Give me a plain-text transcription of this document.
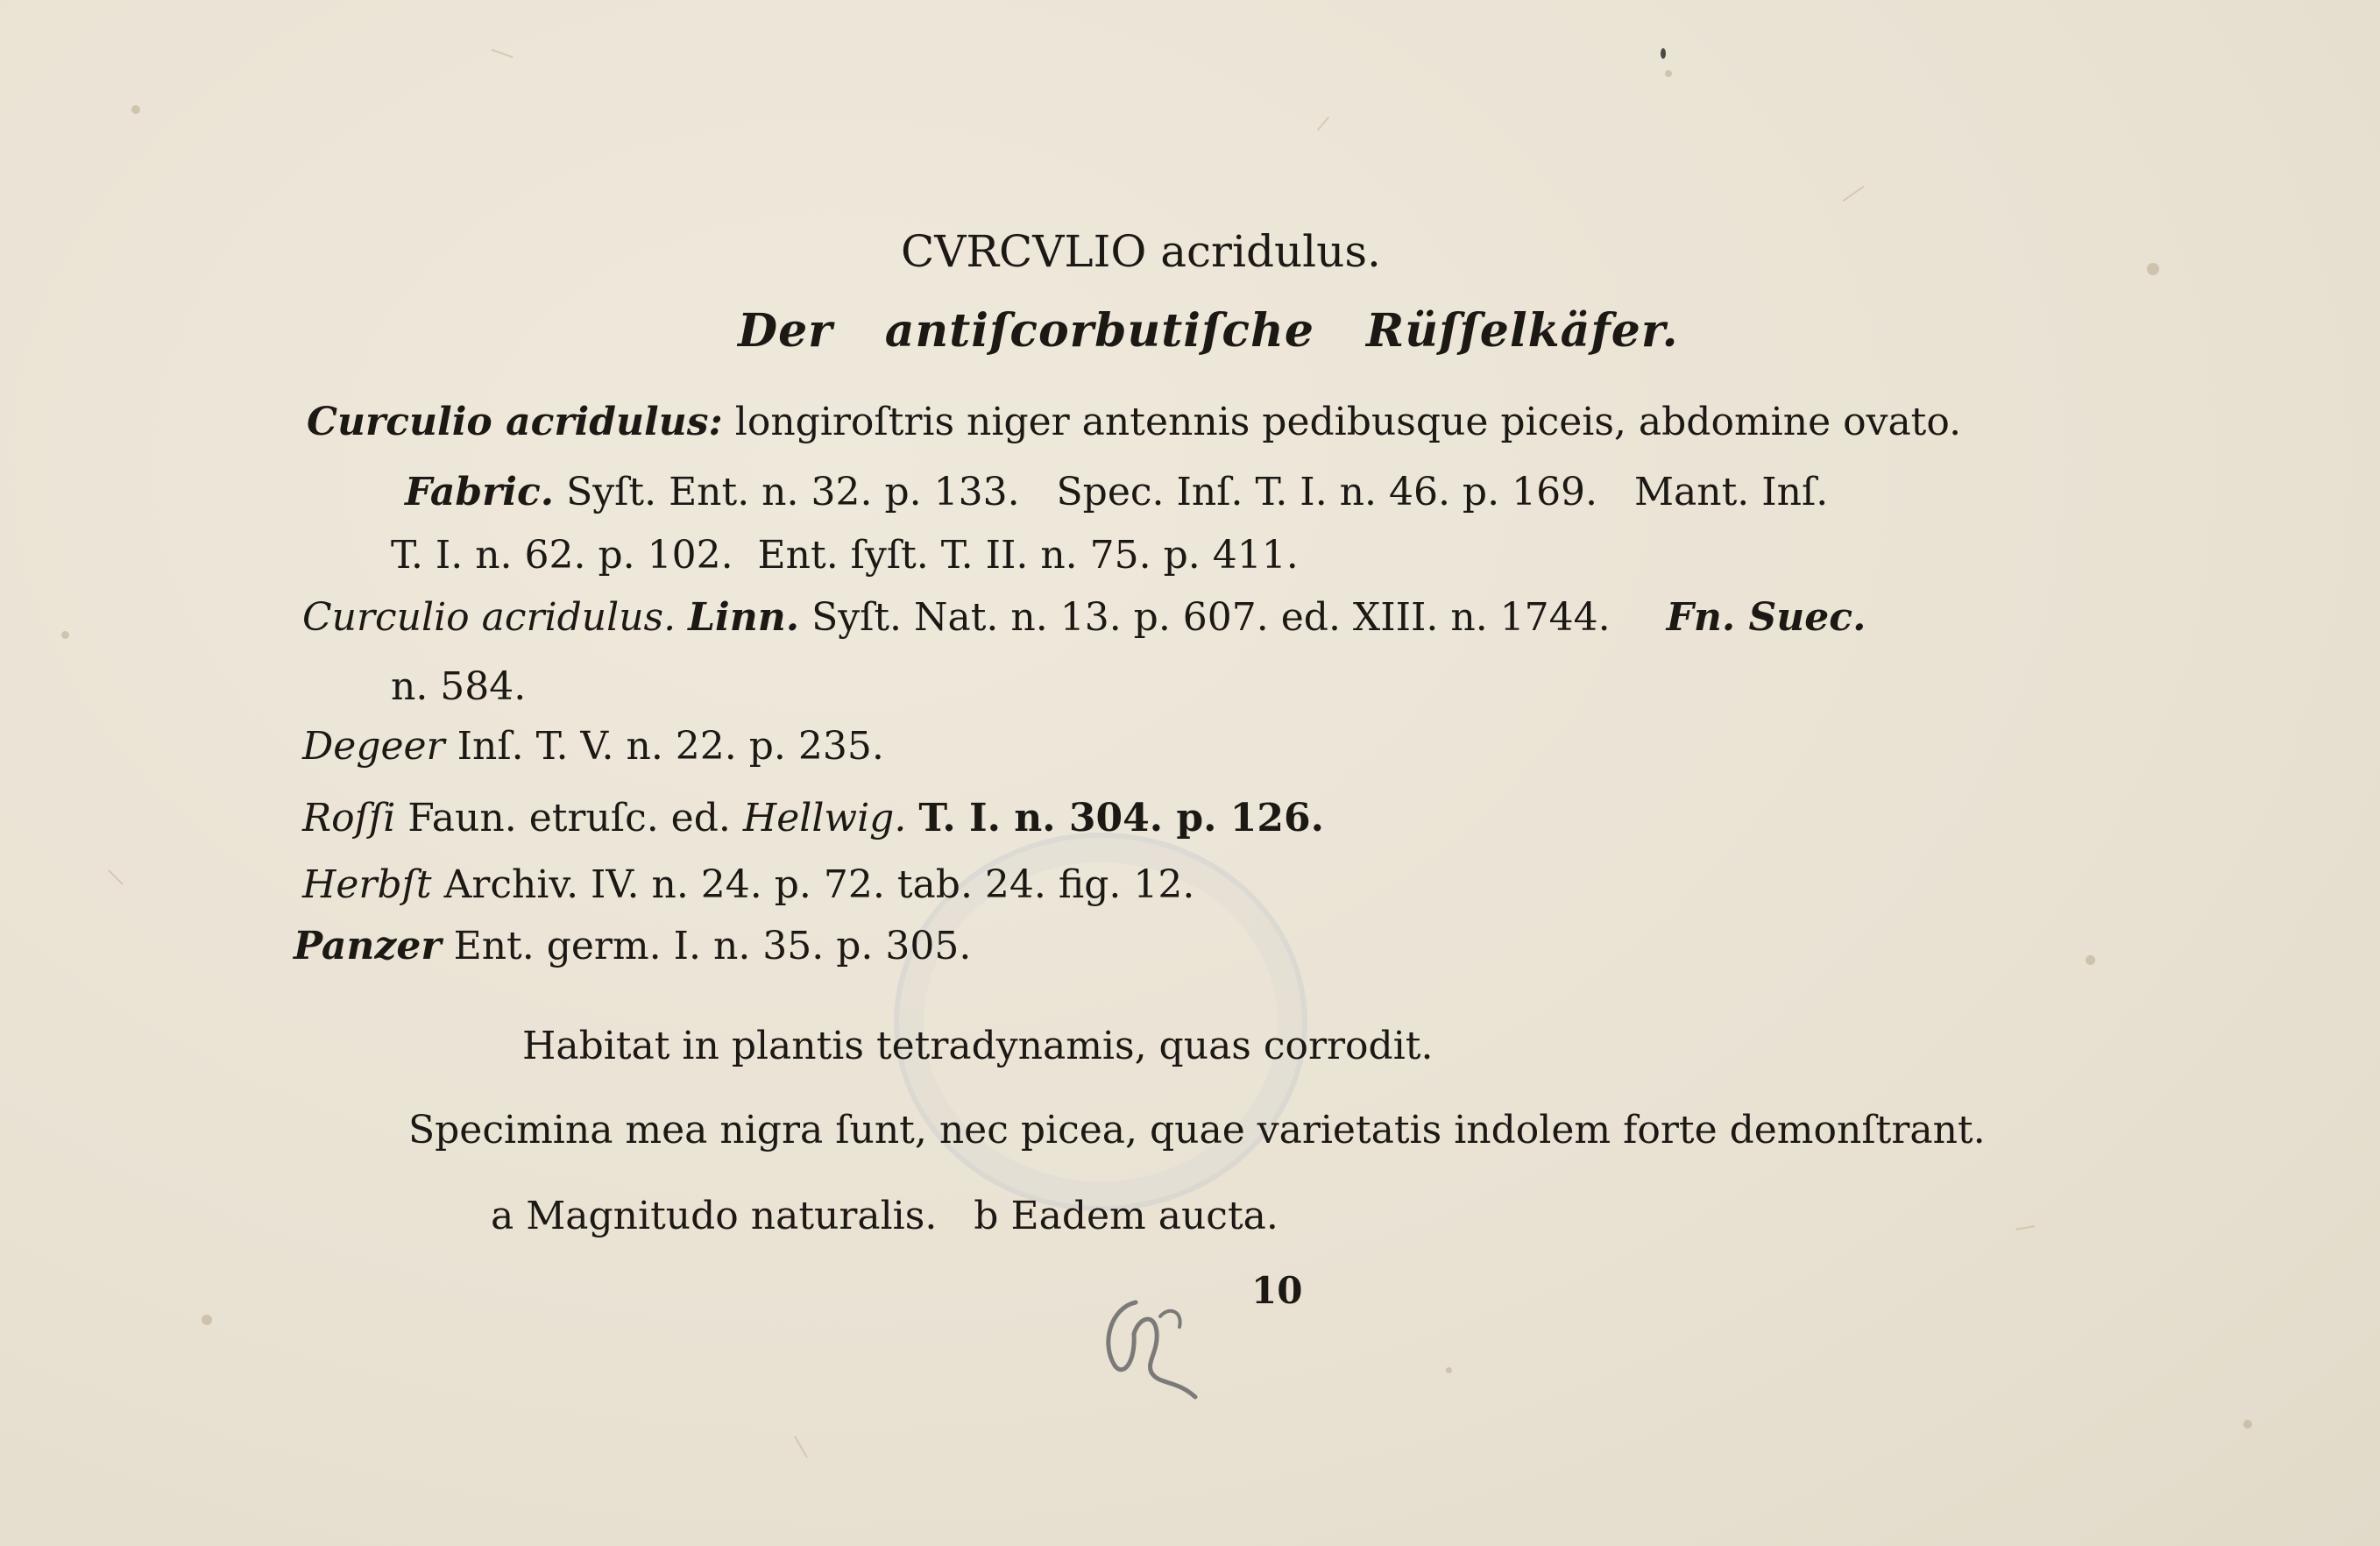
CVRCVLIO acridulus.
Der antiſcorbutiſche Rüſſelkäfer.
Curculio acridulus: longiroſtris niger antennis pedibusque piceis, abdomine ovato.
Fabric. Syſt. Ent. n. 32. p. 133.   Spec. Inſ. T. I. n. 46. p. 169.   Mant. Inſ.
T. I. n. 62. p. 102.  Ent. ſyſt. T. II. n. 75. p. 411.
Curculio acridulus. Linn. Syſt. Nat. n. 13. p. 607. ed. XIII. n. 1744. Fn. Suec.
n. 584.
Degeer Inſ. T. V. n. 22. p. 235.
Roſſi Faun. etruſc. ed. Hellwig. T. I. n. 304. p. 126.
Herbſt Archiv. IV. n. 24. p. 72. tab. 24. fig. 12.
Panzer Ent. germ. I. n. 35. p. 305.
Habitat in plantis tetradynamis, quas corrodit.
Specimina mea nigra ſunt, nec picea, quae varietatis indolem forte demonſtrant.
a Magnitudo naturalis. b Eadem aucta.
10
